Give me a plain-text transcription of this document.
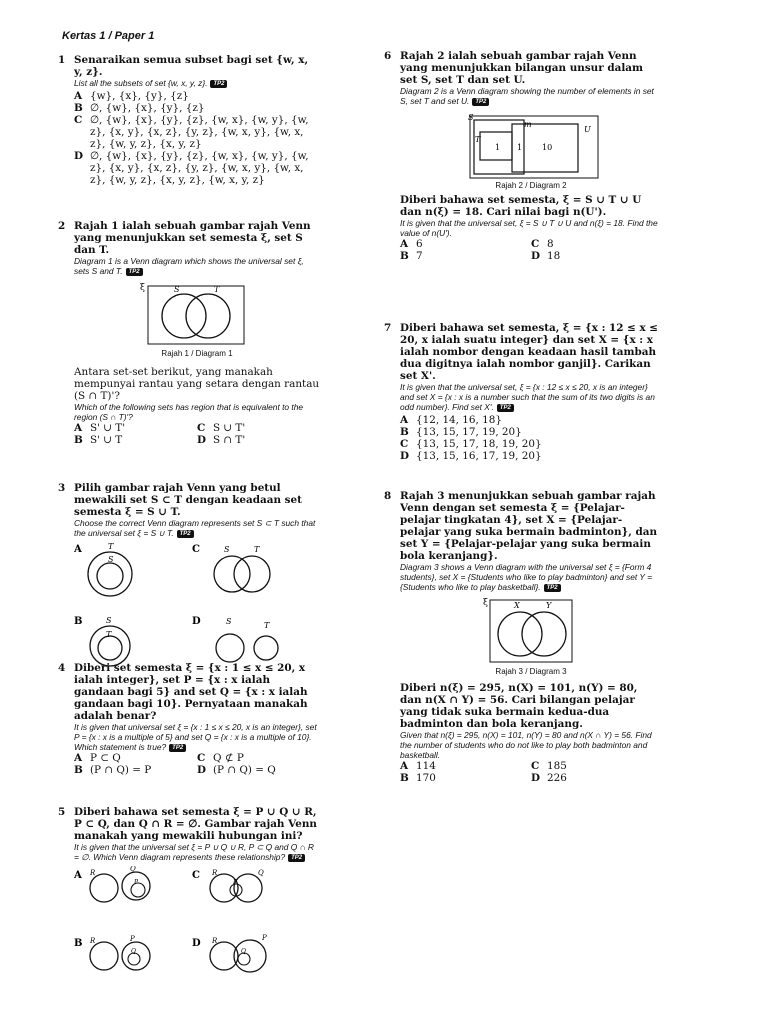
Kertas 1 / Paper 1
1 Senaraikan semua subset bagi set {w, x, y, z}.
List all the subsets of set {w, x, y, z}. TP2
A {w}, {x}, {y}, {z}
B ∅, {w}, {x}, {y}, {z}
C ∅, {w}, {x}, {y}, {z}, {w, x}, {w, y}, {w, z}, {x, y}, {x, z}, {y, z}, {w, x, y}, {w, x, z}, {w, y, z}, {x, y, z}
D ∅, {w}, {x}, {y}, {z}, {w, x}, {w, y}, {w, z}, {x, y}, {x, z}, {y, z}, {w, x, y}, {w, x, z}, {w, y, z}, {x, y, z}, {w, x, y, z}
2 Rajah 1 ialah sebuah gambar rajah Venn yang menunjukkan set semesta ξ, set S dan T.
Diagram 1 is a Venn diagram which shows the universal set ξ, sets S and T. TP2
ξ	S	T
Rajah 1 / Diagram 1
Antara set-set berikut, yang manakah mempunyai rantau yang setara dengan rantau (S ∩ T)'?
Which of the following sets has region that is equivalent to the region (S ∩ T)'?
A S' ∪ T'	C S ∪ T'
B S' ∪ T	D S ∩ T'
3 Pilih gambar rajah Venn yang betul mewakili set S ⊂ T dengan keadaan set semesta ξ = S ∪ T.
Choose the correct Venn diagram represents set S ⊂ T such that the universal set ξ = S ∪ T. TP2
A	T
S
C	S	T
B	S
T
D	S	T
4 Diberi set semesta ξ = {x : 1 ≤ x ≤ 20, x ialah integer}, set P = {x : x ialah gandaan bagi 5} and set Q = {x : x ialah gandaan bagi 10}. Pernyataan manakah adalah benar?
It is given that universal set ξ = {x : 1 ≤ x ≤ 20, x is an integer}, set P = {x : x is a multiple of 5} and set Q = {x : x is a multiple of 10}. Which statement is true? TP2
A P ⊂ Q	C Q ⊄ P
B (P ∩ Q) = P	D (P ∩ Q) = Q
5 Diberi bahawa set semesta ξ = P ∪ Q ∪ R, P ⊂ Q, dan Q ∩ R = ∅. Gambar rajah Venn manakah yang mewakili hubungan ini?
It is given that the universal set ξ = P ∪ Q ∪ R, P ⊂ Q and Q ∩ R = ∅. Which Venn diagram represents these relationship? TP2
A R	Q
P
C R	Q
P
B R	P
Q
D R	P
Q
6 Rajah 2 ialah sebuah gambar rajah Venn yang menunjukkan bilangan unsur dalam set S, set T dan set U.
Diagram 2 is a Venn diagram showing the number of elements in set S, set T and set U. TP2
S
T
U
m
1 1 10
Rajah 2 / Diagram 2
Diberi bahawa set semesta, ξ = S ∪ T ∪ U dan n(ξ) = 18. Cari nilai bagi n(U').
It is given that the universal set, ξ = S ∪ T ∪ U and n(ξ) = 18. Find the value of n(U').
A 6	C 8
B 7	D 18
7 Diberi bahawa set semesta, ξ = {x : 12 ≤ x ≤ 20, x ialah suatu integer} dan set X = {x : x ialah nombor dengan keadaan hasil tambah dua digitnya ialah nombor ganjil}. Carikan set X'.
It is given that the universal set, ξ = {x : 12 ≤ x ≤ 20, x is an integer} and set X = {x : x is a number such that the sum of its two digits is an odd number}. Find set X'. TP2
A {12, 14, 16, 18}
B {13, 15, 17, 19, 20}
C {13, 15, 17, 18, 19, 20}
D {13, 15, 16, 17, 19, 20}
8 Rajah 3 menunjukkan sebuah gambar rajah Venn dengan set semesta ξ = {Pelajar-pelajar tingkatan 4}, set X = {Pelajar-pelajar yang suka bermain badminton}, dan set Y = {Pelajar-pelajar yang suka bermain bola keranjang}.
Diagram 3 shows a Venn diagram with the universal set ξ = {Form 4 students}, set X = {Students who like to play badminton} and set Y = {Students who like to play basketball}. TP2
ξ	X	Y
Rajah 3 / Diagram 3
Diberi n(ξ) = 295, n(X) = 101, n(Y) = 80, dan n(X ∩ Y) = 56. Cari bilangan pelajar yang tidak suka bermain kedua-dua badminton dan bola keranjang.
Given that n(ξ) = 295, n(X) = 101, n(Y) = 80 and n(X ∩ Y) = 56. Find the number of students who do not like to play both badminton and basketball.
A 114	C 185
B 170	D 226
